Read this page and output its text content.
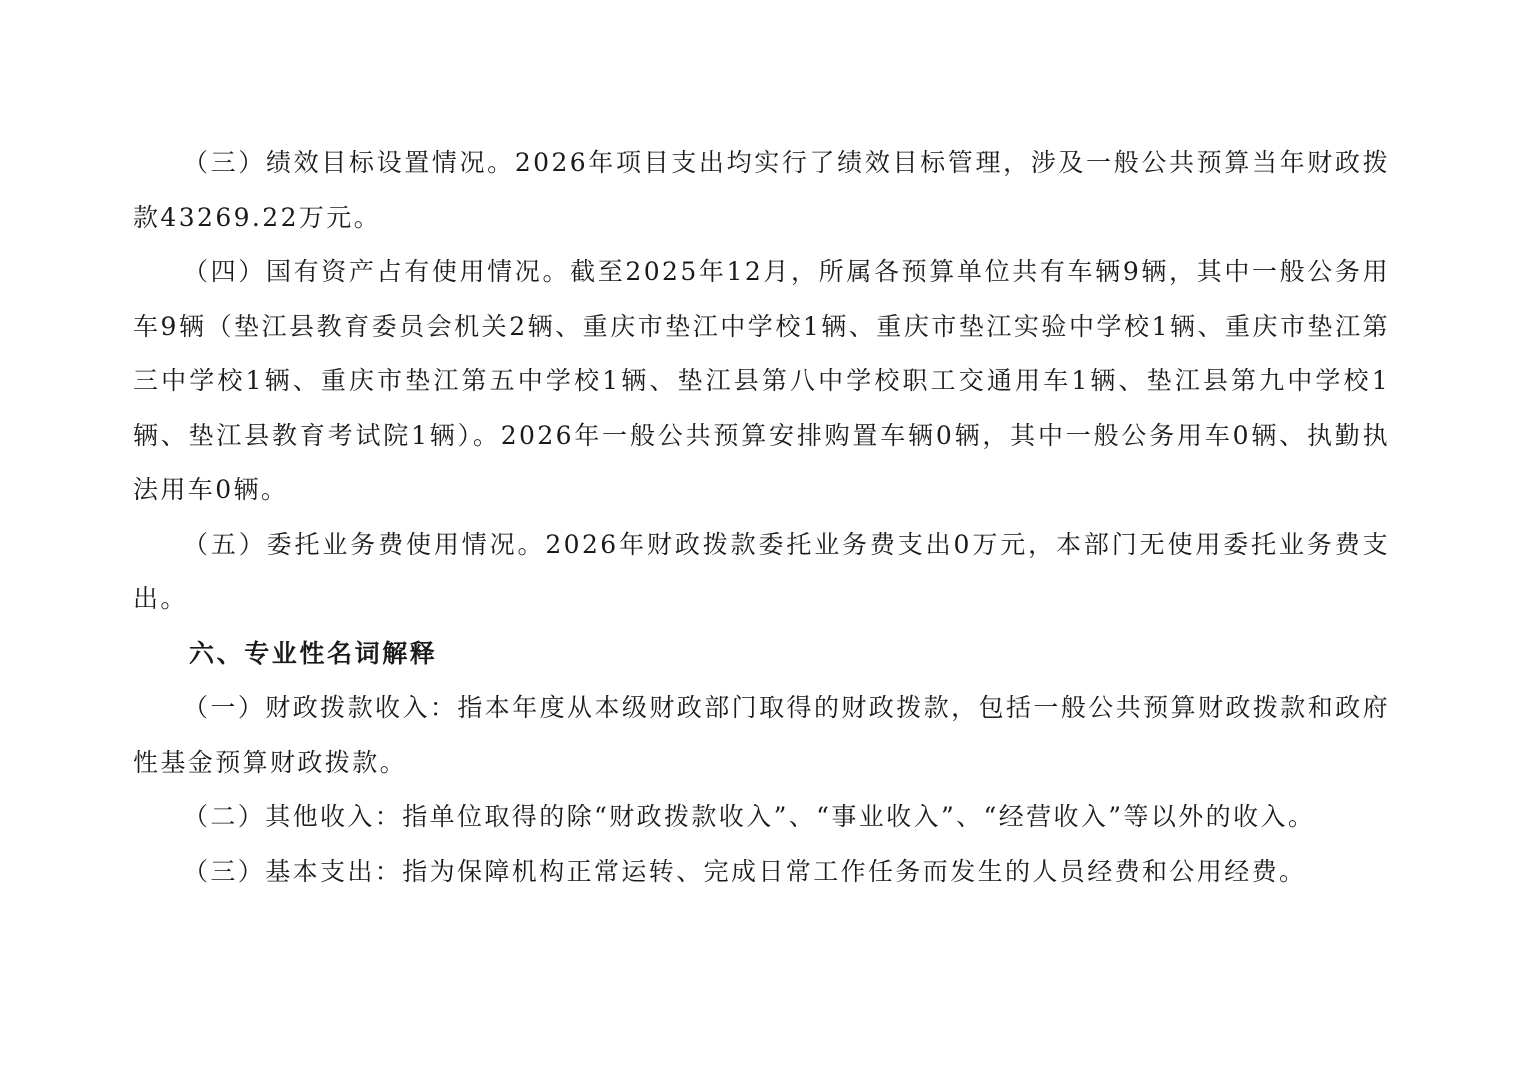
（三）绩效目标设置情况。2026年项目支出均实行了绩效目标管理，涉及一般公共预算当年财政拨款43269.22万元。

（四）国有资产占有使用情况。截至2025年12月，所属各预算单位共有车辆9辆，其中一般公务用车9辆（垫江县教育委员会机关2辆、重庆市垫江中学校1辆、重庆市垫江实验中学校1辆、重庆市垫江第三中学校1辆、重庆市垫江第五中学校1辆、垫江县第八中学校职工交通用车1辆、垫江县第九中学校1辆、垫江县教育考试院1辆）。2026年一般公共预算安排购置车辆0辆，其中一般公务用车0辆、执勤执法用车0辆。

（五）委托业务费使用情况。2026年财政拨款委托业务费支出0万元，本部门无使用委托业务费支出。

六、专业性名词解释

（一）财政拨款收入：指本年度从本级财政部门取得的财政拨款，包括一般公共预算财政拨款和政府性基金预算财政拨款。

（二）其他收入：指单位取得的除“财政拨款收入”、“事业收入”、“经营收入”等以外的收入。

（三）基本支出：指为保障机构正常运转、完成日常工作任务而发生的人员经费和公用经费。
